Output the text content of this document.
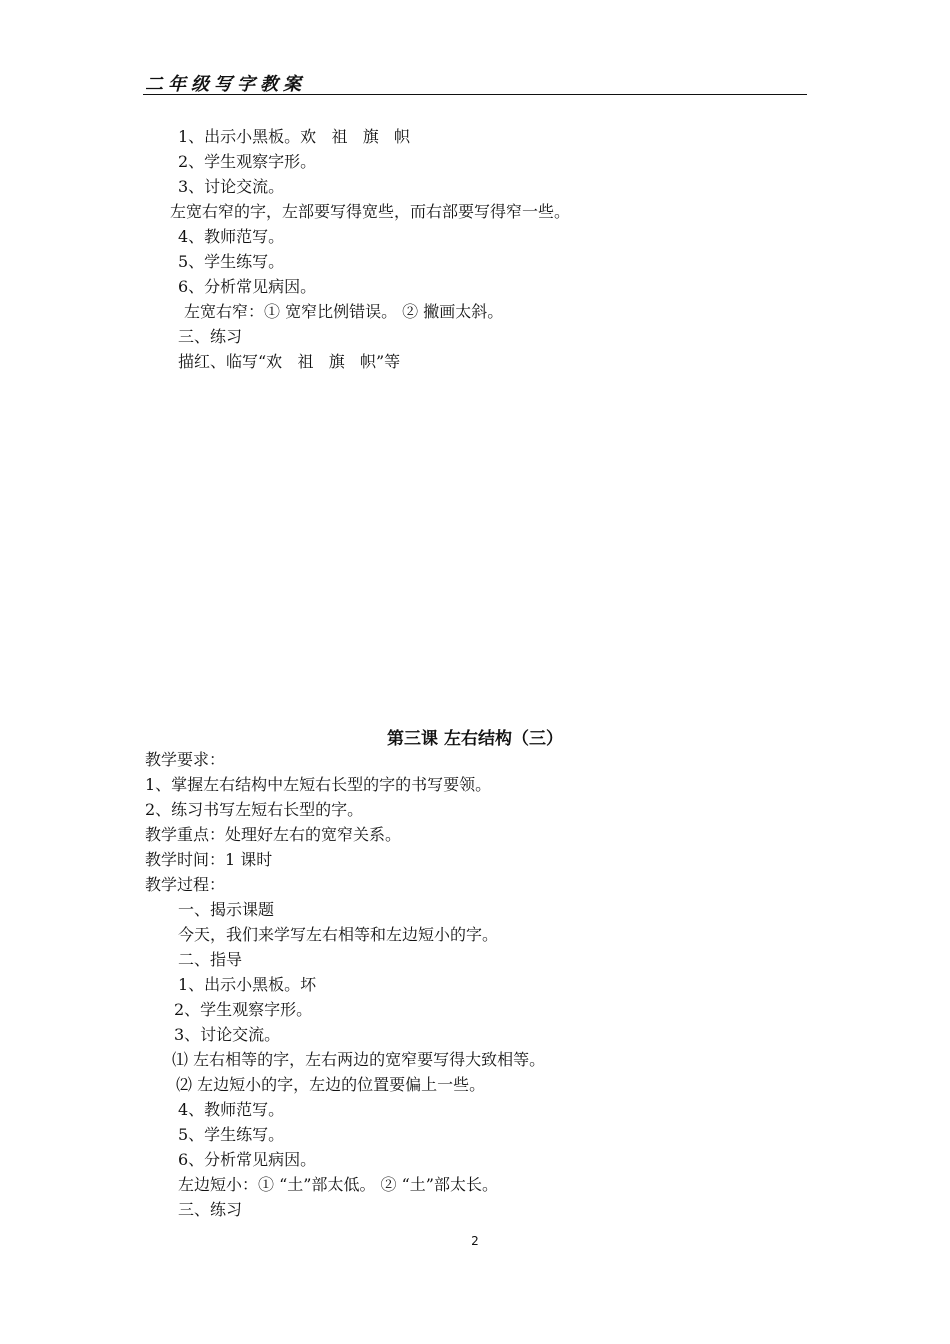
二年级写字教案
1、出示小黑板。欢   祖   旗   帜
2、学生观察字形。
3、讨论交流。
左宽右窄的字，左部要写得宽些，而右部要写得窄一些。
4、教师范写。
5、学生练写。
6、分析常见病因。
左宽右窄：① 宽窄比例错误。 ② 撇画太斜。
三、练习
描红、临写“欢   祖   旗   帜”等
第三课 左右结构（三）
教学要求：
1、掌握左右结构中左短右长型的字的书写要领。
2、练习书写左短右长型的字。
教学重点：处理好左右的宽窄关系。
教学时间：1 课时
教学过程：
一、揭示课题
今天，我们来学写左右相等和左边短小的字。
二、指导
1、出示小黑板。坏
2、学生观察字形。
3、讨论交流。
⑴ 左右相等的字，左右两边的宽窄要写得大致相等。
⑵ 左边短小的字，左边的位置要偏上一些。
4、教师范写。
5、学生练写。
6、分析常见病因。
左边短小：① “土”部太低。 ② “土”部太长。
三、练习
2
